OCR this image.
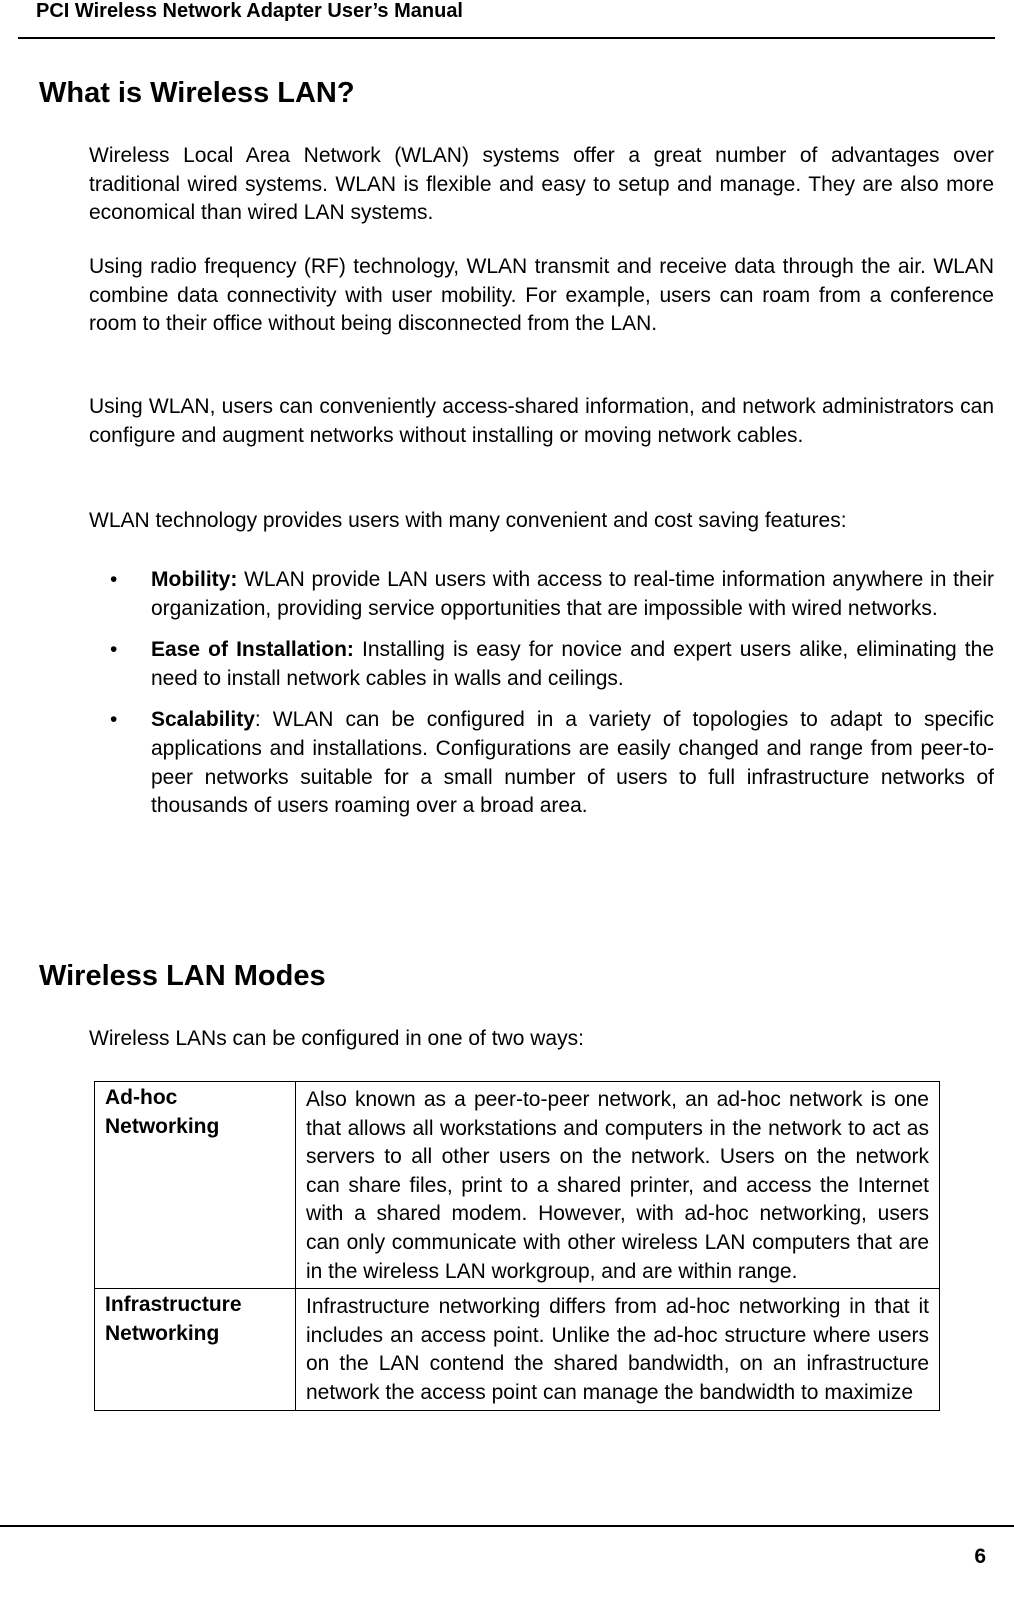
PCI Wireless Network Adapter User’s Manual
What is Wireless LAN?
Wireless Local Area Network (WLAN) systems offer a great number of advantages over traditional wired systems. WLAN is flexible and easy to setup and manage. They are also more economical than wired LAN systems.
Using radio frequency (RF) technology, WLAN transmit and receive data through the air. WLAN combine data connectivity with user mobility. For example, users can roam from a conference room to their office without being disconnected from the LAN.
Using WLAN, users can conveniently access-shared information, and network administrators can configure and augment networks without installing or moving network cables.
WLAN technology provides users with many convenient and cost saving features:
• Mobility: WLAN provide LAN users with access to real-time information anywhere in their organization, providing service opportunities that are impossible with wired networks.
• Ease of Installation: Installing is easy for novice and expert users alike, eliminating the need to install network cables in walls and ceilings.
• Scalability: WLAN can be configured in a variety of topologies to adapt to specific applications and installations. Configurations are easily changed and range from peer-to-peer networks suitable for a small number of users to full infrastructure networks of thousands of users roaming over a broad area.
Wireless LAN Modes
Wireless LANs can be configured in one of two ways:
Ad-hoc Networking	Also known as a peer-to-peer network, an ad-hoc network is one that allows all workstations and computers in the network to act as servers to all other users on the network. Users on the network can share files, print to a shared printer, and access the Internet with a shared modem. However, with ad-hoc networking, users can only communicate with other wireless LAN computers that are in the wireless LAN workgroup, and are within range.
Infrastructure Networking	Infrastructure networking differs from ad-hoc networking in that it includes an access point. Unlike the ad-hoc structure where users on the LAN contend the shared bandwidth, on an infrastructure network the access point can manage the bandwidth to maximize
6
